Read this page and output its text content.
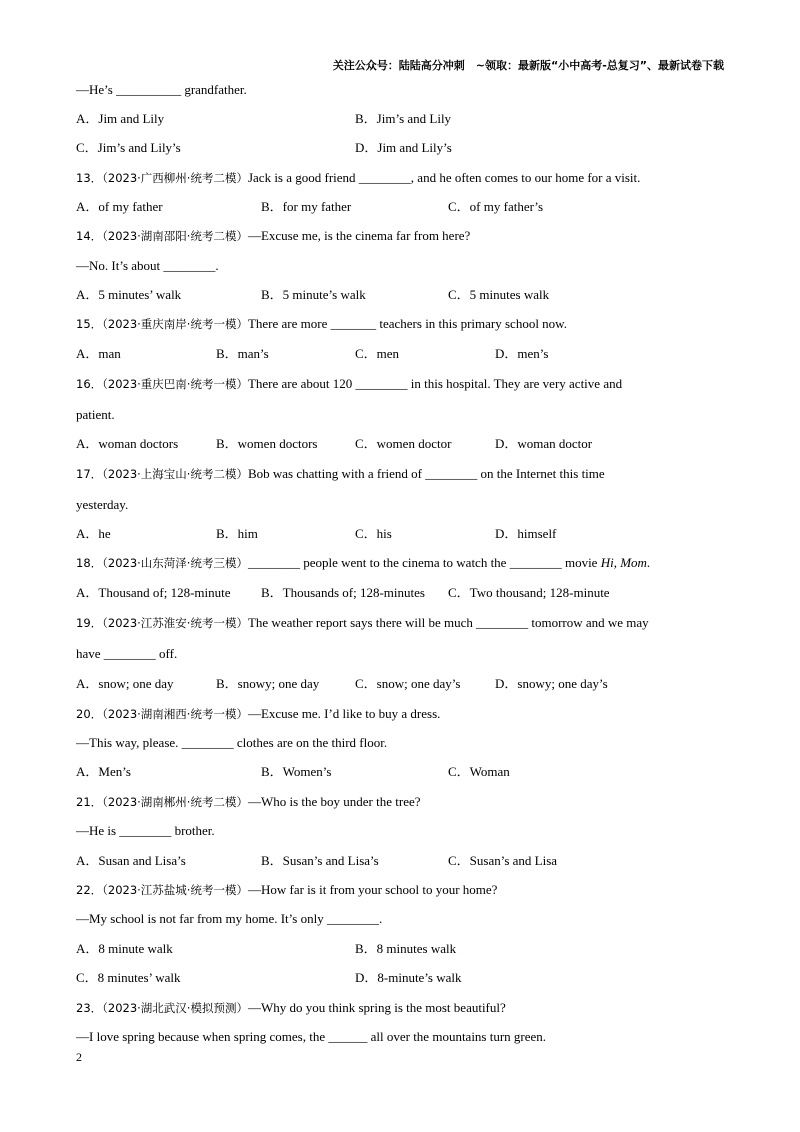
关注公众号：陆陆高分冲刺　~领取：最新版“小中高考-总复习”、最新试卷下载
—He’s __________ grandfather.
A．Jim and Lily	B．Jim’s and Lily
C．Jim’s and Lily’s	D．Jim and Lily’s
13．（2023·广西柳州·统考二模）Jack is a good friend ________, and he often comes to our home for a visit.
A．of my father	B．for my father	C．of my father’s
14．（2023·湖南邵阳·统考二模）—Excuse me, is the cinema far from here?
—No. It’s about ________.
A．5 minutes’ walk	B．5 minute’s walk	C．5 minutes walk
15．（2023·重庆南岸·统考一模）There are more _______ teachers in this primary school now.
A．man	B．man’s	C．men	D．men’s
16．（2023·重庆巴南·统考一模）There are about 120 ________ in this hospital. They are very active and
patient.
A．woman doctors	B．women doctors	C．women doctor	D．woman doctor
17．（2023·上海宝山·统考二模）Bob was chatting with a friend of ________ on the Internet this time
yesterday.
A．he	B．him	C．his	D．himself
18．（2023·山东菏泽·统考三模）________ people went to the cinema to watch the ________ movie Hi, Mom.
A．Thousand of; 128-minute B．Thousands of; 128-minutes C．Two thousand; 128-minute
19．（2023·江苏淮安·统考一模）The weather report says there will be much ________ tomorrow and we may
have ________ off.
A．snow; one day	B．snowy; one day	C．snow; one day’s	D．snowy; one day’s
20．（2023·湖南湘西·统考一模）—Excuse me. I’d like to buy a dress.
—This way, please. ________ clothes are on the third floor.
A．Men’s	B．Women’s	C．Woman
21．（2023·湖南郴州·统考二模）—Who is the boy under the tree?
—He is ________ brother.
A．Susan and Lisa’s	B．Susan’s and Lisa’s	C．Susan’s and Lisa
22．（2023·江苏盐城·统考一模）—How far is it from your school to your home?
—My school is not far from my home. It’s only ________.
A．8 minute walk	B．8 minutes walk
C．8 minutes’ walk	D．8-minute’s walk
23．（2023·湖北武汉·模拟预测）—Why do you think spring is the most beautiful?
—I love spring because when spring comes, the ______ all over the mountains turn green.
2
